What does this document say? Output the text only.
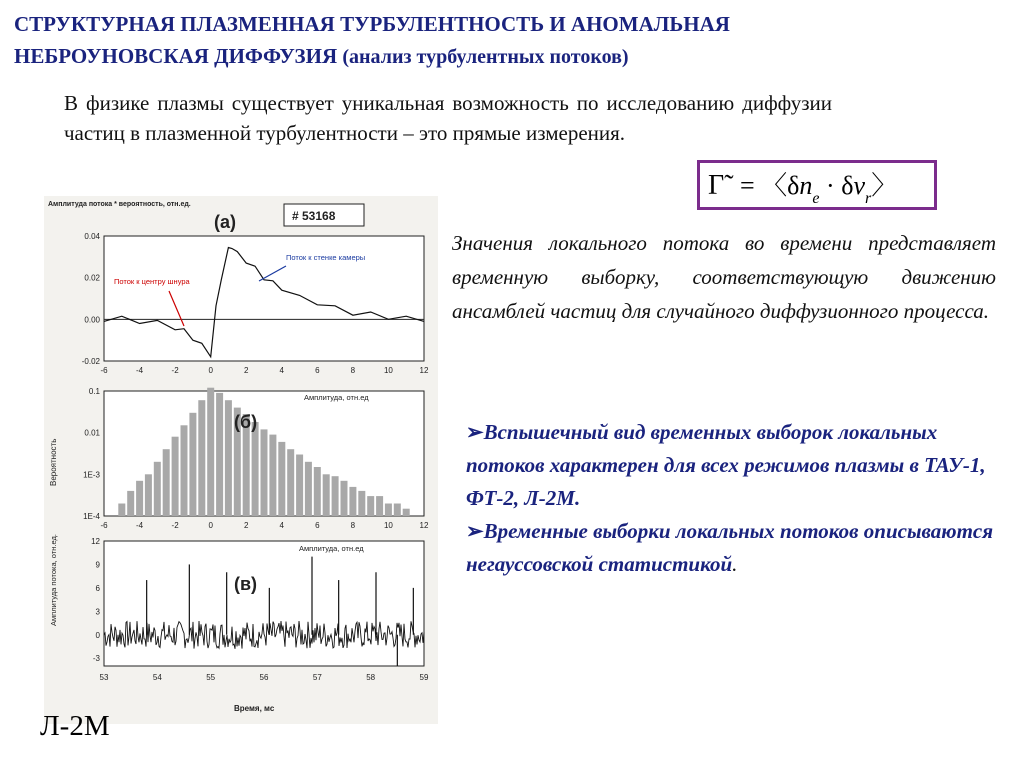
СТРУКТУРНАЯ ПЛАЗМЕННАЯ ТУРБУЛЕНТНОСТЬ И АНОМАЛЬНАЯ
НЕБРОУНОВСКАЯ ДИФФУЗИЯ (анализ турбулентных потоков)
В физике плазмы существует уникальная возможность по исследованию диффузии частиц в плазменной турбулентности – это прямые измерения.
Γ̃ = 〈$\delta n_e \cdot \delta v_r$〉
Значения локального потока во времени представляет временную выборку, соответствующую движению ансамблей частиц для случайного диффузионного процесса.

➢Вспышечный вид временных выборок локальных потоков характерен для всех режимов плазмы в ТАУ-1, ФТ-2, Л-2М.

➢Временные выборки локальных потоков описываются негауссовской статистикой.

0.04
0.02
0.00
-0.02
-6	-4	-2	0	2	4	6	8	10	12
Амплитуда потока * вероятность, отн.ед.
(а)	# 53168
Поток к центру шнура
Поток к стенке камеры
0.1
0.01
1E-3
1E-4
-6	-4	-2	0	2	4	6	8	10	12
Амплитуда, отн.ед
(б)
Вероятность
12
9
6
3
0
-3
53	54	55	56	57	58	59
Амплитуда, отн.ед
(в)
Амплитуда потока, отн.ед.
Время, мс
Л-2М
